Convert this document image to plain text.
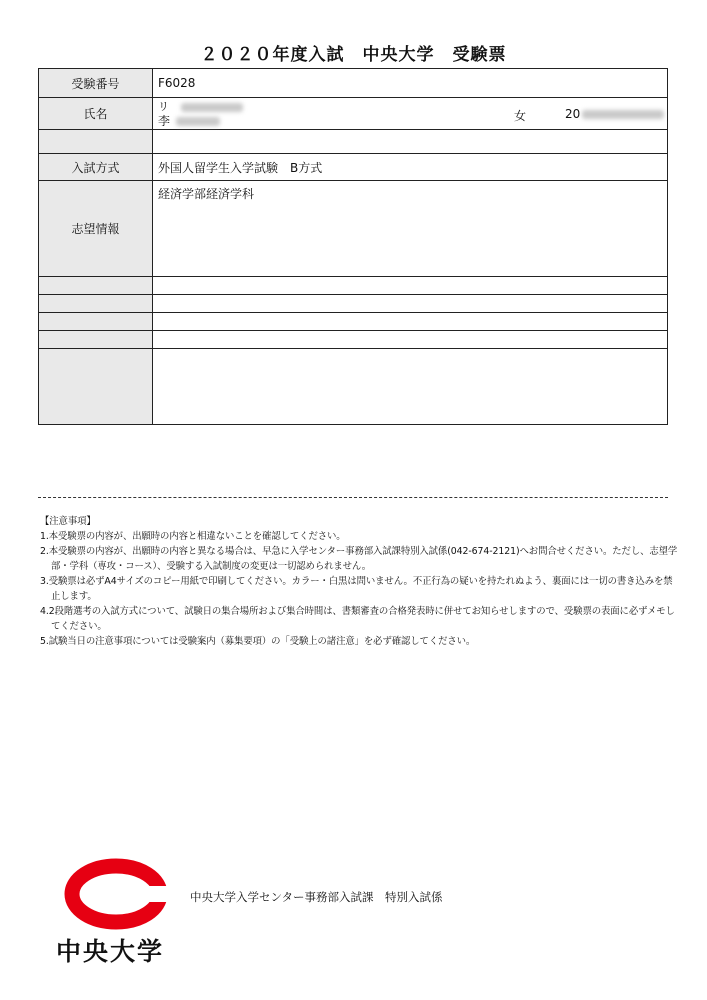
２０２０年度入試　中央大学　受験票
受験番号	F6028
氏名	リ
李 女 20

入試方式	外国人留学生入学試験　B方式
志望情報	経済学部経済学科

【注意事項】
1.本受験票の内容が、出願時の内容と相違ないことを確認してください。
2.本受験票の内容が、出願時の内容と異なる場合は、早急に入学センター事務部入試課特別入試係(042-674-2121)へお問合せください。ただし、志望学部・学科（専攻・コース）、受験する入試制度の変更は一切認められません。
3.受験票は必ずA4サイズのコピー用紙で印刷してください。カラー・白黒は問いません。不正行為の疑いを持たれぬよう、裏面には一切の書き込みを禁止します。
4.2段階選考の入試方式について、試験日の集合場所および集合時間は、書類審査の合格発表時に併せてお知らせしますので、受験票の表面に必ずメモしてください。
5.試験当日の注意事項については受験案内（募集要項）の「受験上の諸注意」を必ず確認してください。
中央大学
中央大学入学センター事務部入試課　特別入試係
